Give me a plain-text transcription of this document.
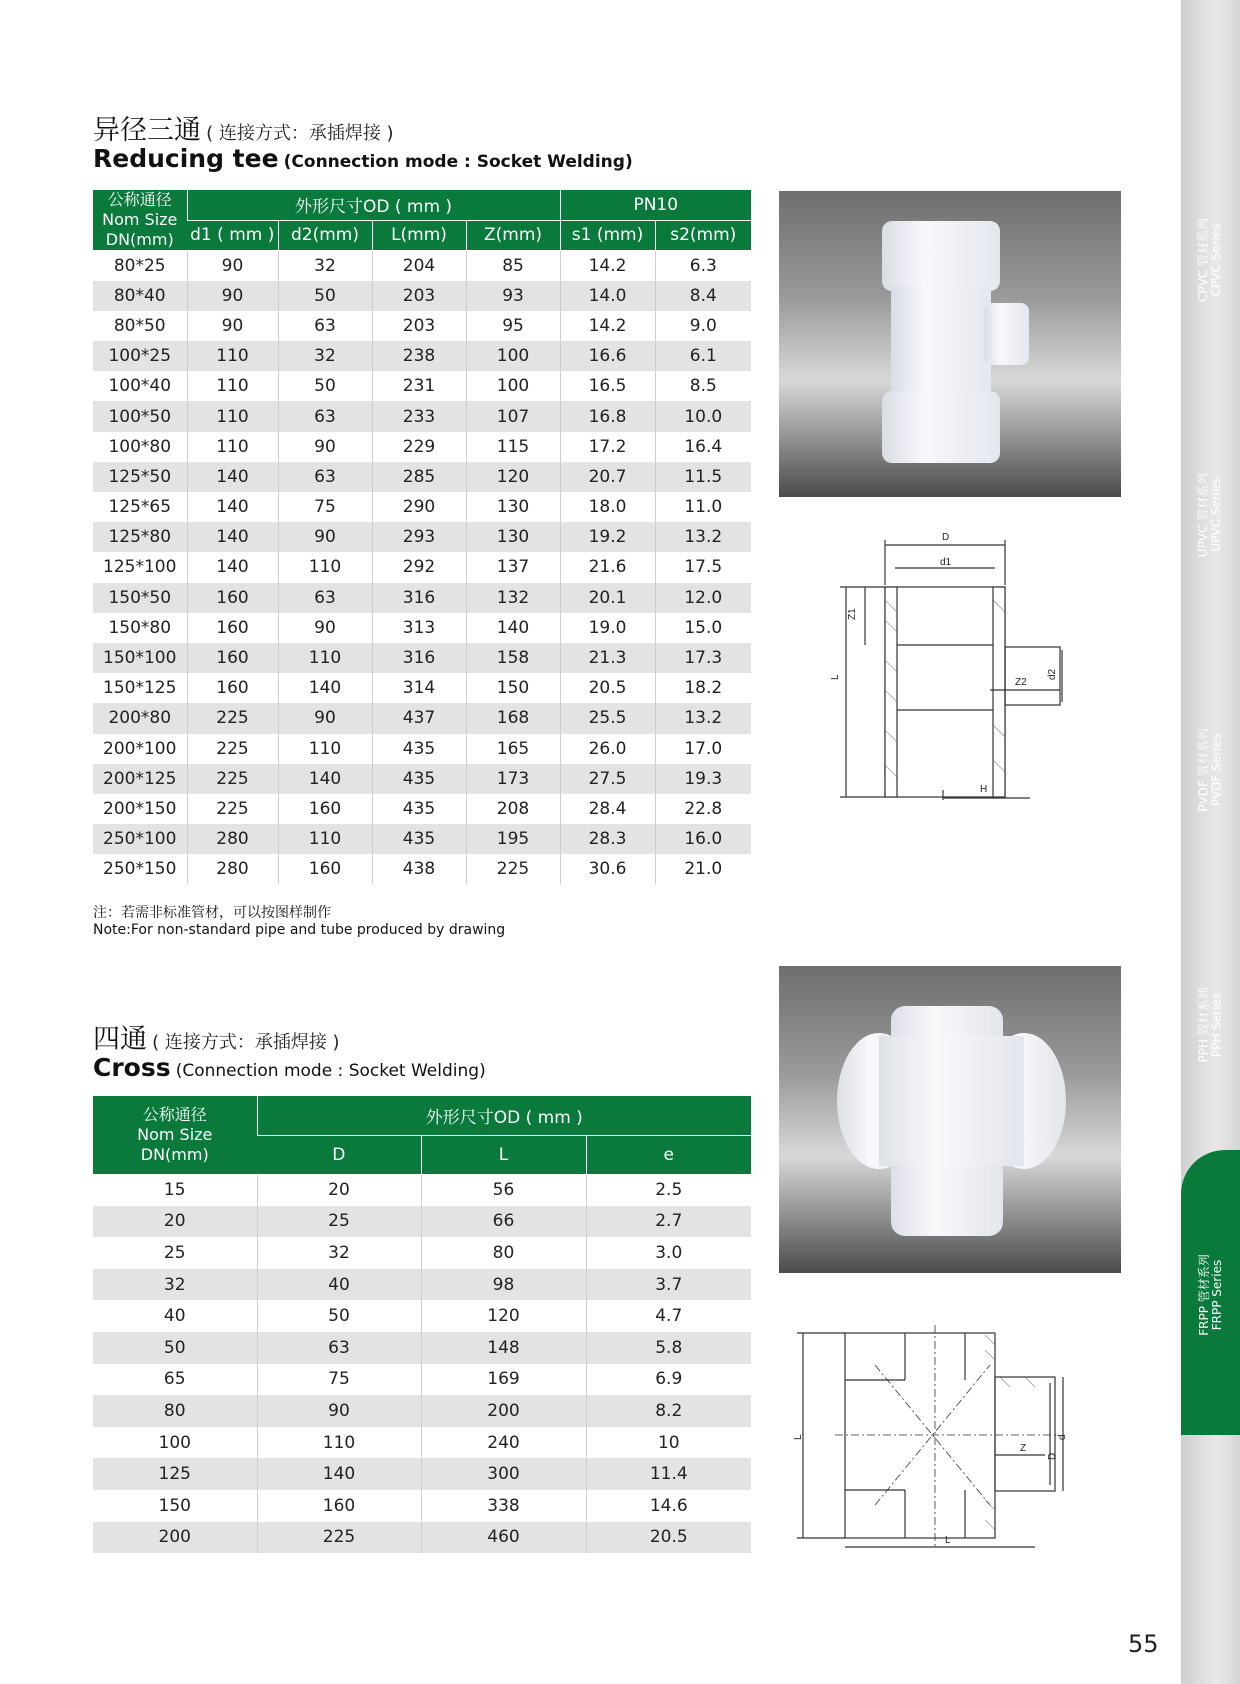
异径三通 ( 连接方式：承插焊接 )
Reducing tee (Connection mode : Socket Welding)
公称通径
Nom Size
DN(mm)	外形尺寸OD ( mm )				PN10	
	d1 ( mm )	d2(mm)	L(mm)	Z(mm)	s1 (mm)	s2(mm)
80*25	90	32	204	85	14.2	6.3
80*40	90	50	203	93	14.0	8.4
80*50	90	63	203	95	14.2	9.0
100*25	110	32	238	100	16.6	6.1
100*40	110	50	231	100	16.5	8.5
100*50	110	63	233	107	16.8	10.0
100*80	110	90	229	115	17.2	16.4
125*50	140	63	285	120	20.7	11.5
125*65	140	75	290	130	18.0	11.0
125*80	140	90	293	130	19.2	13.2
125*100	140	110	292	137	21.6	17.5
150*50	160	63	316	132	20.1	12.0
150*80	160	90	313	140	19.0	15.0
150*100	160	110	316	158	21.3	17.3
150*125	160	140	314	150	20.5	18.2
200*80	225	90	437	168	25.5	13.2
200*100	225	110	435	165	26.0	17.0
200*125	225	140	435	173	27.5	19.3
200*150	225	160	435	208	28.4	22.8
250*100	280	110	435	195	28.3	16.0
250*150	280	160	438	225	30.6	21.0
注：若需非标准管材，可以按图样制作
Note:For non-standard pipe and tube produced by drawing
D
d1
Z1
L	Z2
d2
H
四通 ( 连接方式：承插焊接 )
Cross (Connection mode : Socket Welding)
公称通径
Nom Size
DN(mm)	外形尺寸OD ( mm )		
	D	L	e
15	20	56	2.5
20	25	66	2.7
25	32	80	3.0
32	40	98	3.7
40	50	120	4.7
50	63	148	5.8
65	75	169	6.9
80	90	200	8.2
100	110	240	10
125	140	300	11.4
150	160	338	14.6
200	225	460	20.5
L
Z
d
D
L
CPVC 管材系列 CPVC Series
UPVC 管材系列 UPVC Series
PVDF 管材系列 PVDF Series
PPH 管材系列 PPH Series
FRPP 管材系列 FRPP Series
55
